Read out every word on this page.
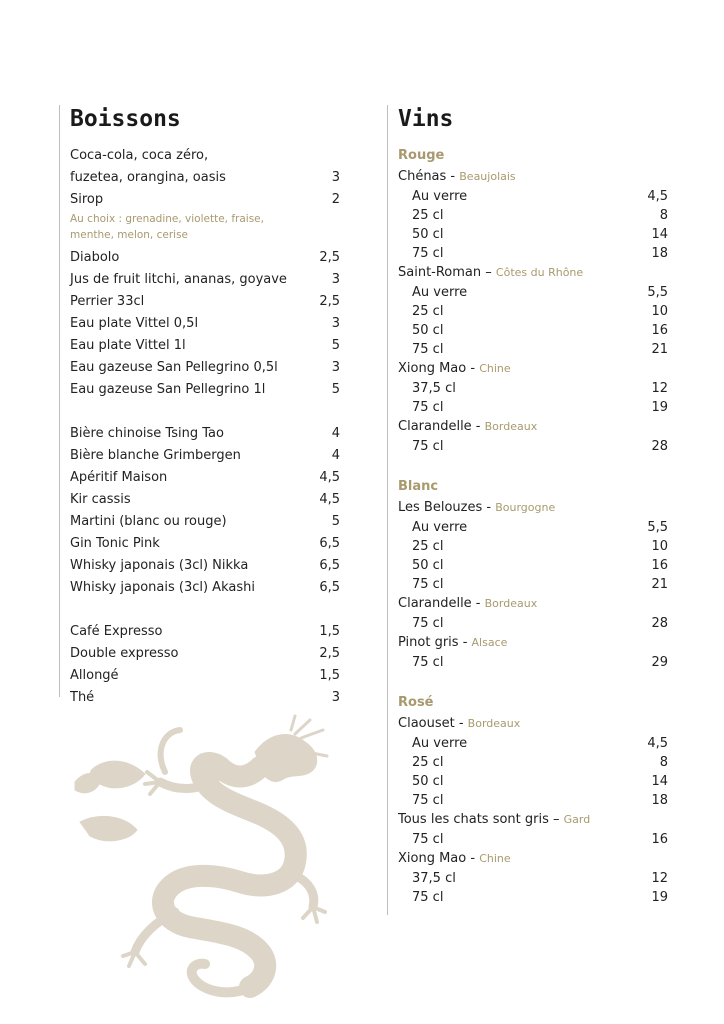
Boissons
Coca-cola, coca zéro,
fuzetea, orangina, oasis	3
Sirop	2
Au choix : grenadine, violette, fraise, menthe, melon, cerise
Diabolo	2,5
Jus de fruit litchi, ananas, goyave	3
Perrier 33cl	2,5
Eau plate Vittel 0,5l	3
Eau plate Vittel 1l	5
Eau gazeuse San Pellegrino 0,5l	3
Eau gazeuse San Pellegrino 1l	5
Bière chinoise Tsing Tao	4
Bière blanche Grimbergen	4
Apéritif Maison	4,5
Kir cassis	4,5
Martini (blanc ou rouge)	5
Gin Tonic Pink	6,5
Whisky japonais (3cl) Nikka	6,5
Whisky japonais (3cl) Akashi	6,5
Café Expresso	1,5
Double expresso	2,5
Allongé	1,5
Thé	3
Vins
Rouge
Chénas - Beaujolais
Au verre	4,5
25 cl	8
50 cl	14
75 cl	18
Saint-Roman – Côtes du Rhône
Au verre	5,5
25 cl	10
50 cl	16
75 cl	21
Xiong Mao - Chine
37,5 cl	12
75 cl	19
Clarandelle - Bordeaux
75 cl	28
Blanc
Les Belouzes - Bourgogne
Au verre	5,5
25 cl	10
50 cl	16
75 cl	21
Clarandelle - Bordeaux
75 cl	28
Pinot gris - Alsace
75 cl	29
Rosé
Claouset - Bordeaux
Au verre	4,5
25 cl	8
50 cl	14
75 cl	18
Tous les chats sont gris – Gard
75 cl	16
Xiong Mao - Chine
37,5 cl	12
75 cl	19
